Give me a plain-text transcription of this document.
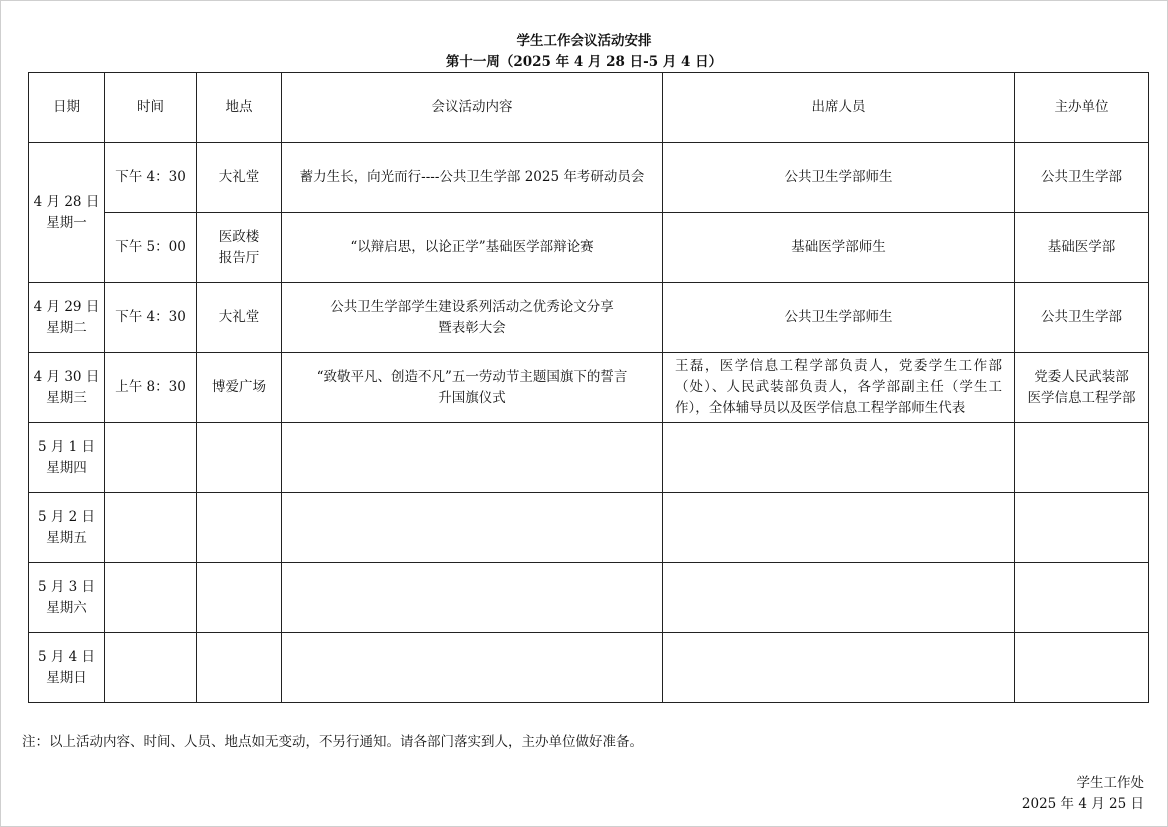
学生工作会议活动安排
第十一周（2025 年 4 月 28 日-5 月 4 日）
日期	时间	地点	会议活动内容	出席人员	主办单位

4 月 28 日
星期一	下午 4：30	大礼堂	蓄力生长，向光而行----公共卫生学部 2025 年考研动员会	公共卫生学部师生	公共卫生学部

	下午 5：00	医政楼
报告厅	“以辩启思，以论正学”基础医学部辩论赛	基础医学部师生	基础医学部

4 月 29 日
星期二	下午 4：30	大礼堂	公共卫生学部学生建设系列活动之优秀论文分享
暨表彰大会	公共卫生学部师生	公共卫生学部

4 月 30 日
星期三	上午 8：30	博爱广场	“致敬平凡、创造不凡”五一劳动节主题国旗下的誓言
升国旗仪式	王磊，医学信息工程学部负责人，党委学生工作部（处）、人民武装部负责人，各学部副主任（学生工作），全体辅导员以及医学信息工程学部师生代表	党委人民武装部
医学信息工程学部

5 月 1 日
星期四					

5 月 2 日
星期五					

5 月 3 日
星期六					

5 月 4 日
星期日					

注：以上活动内容、时间、人员、地点如无变动，不另行通知。请各部门落实到人，主办单位做好准备。
学生工作处
2025 年 4 月 25 日
